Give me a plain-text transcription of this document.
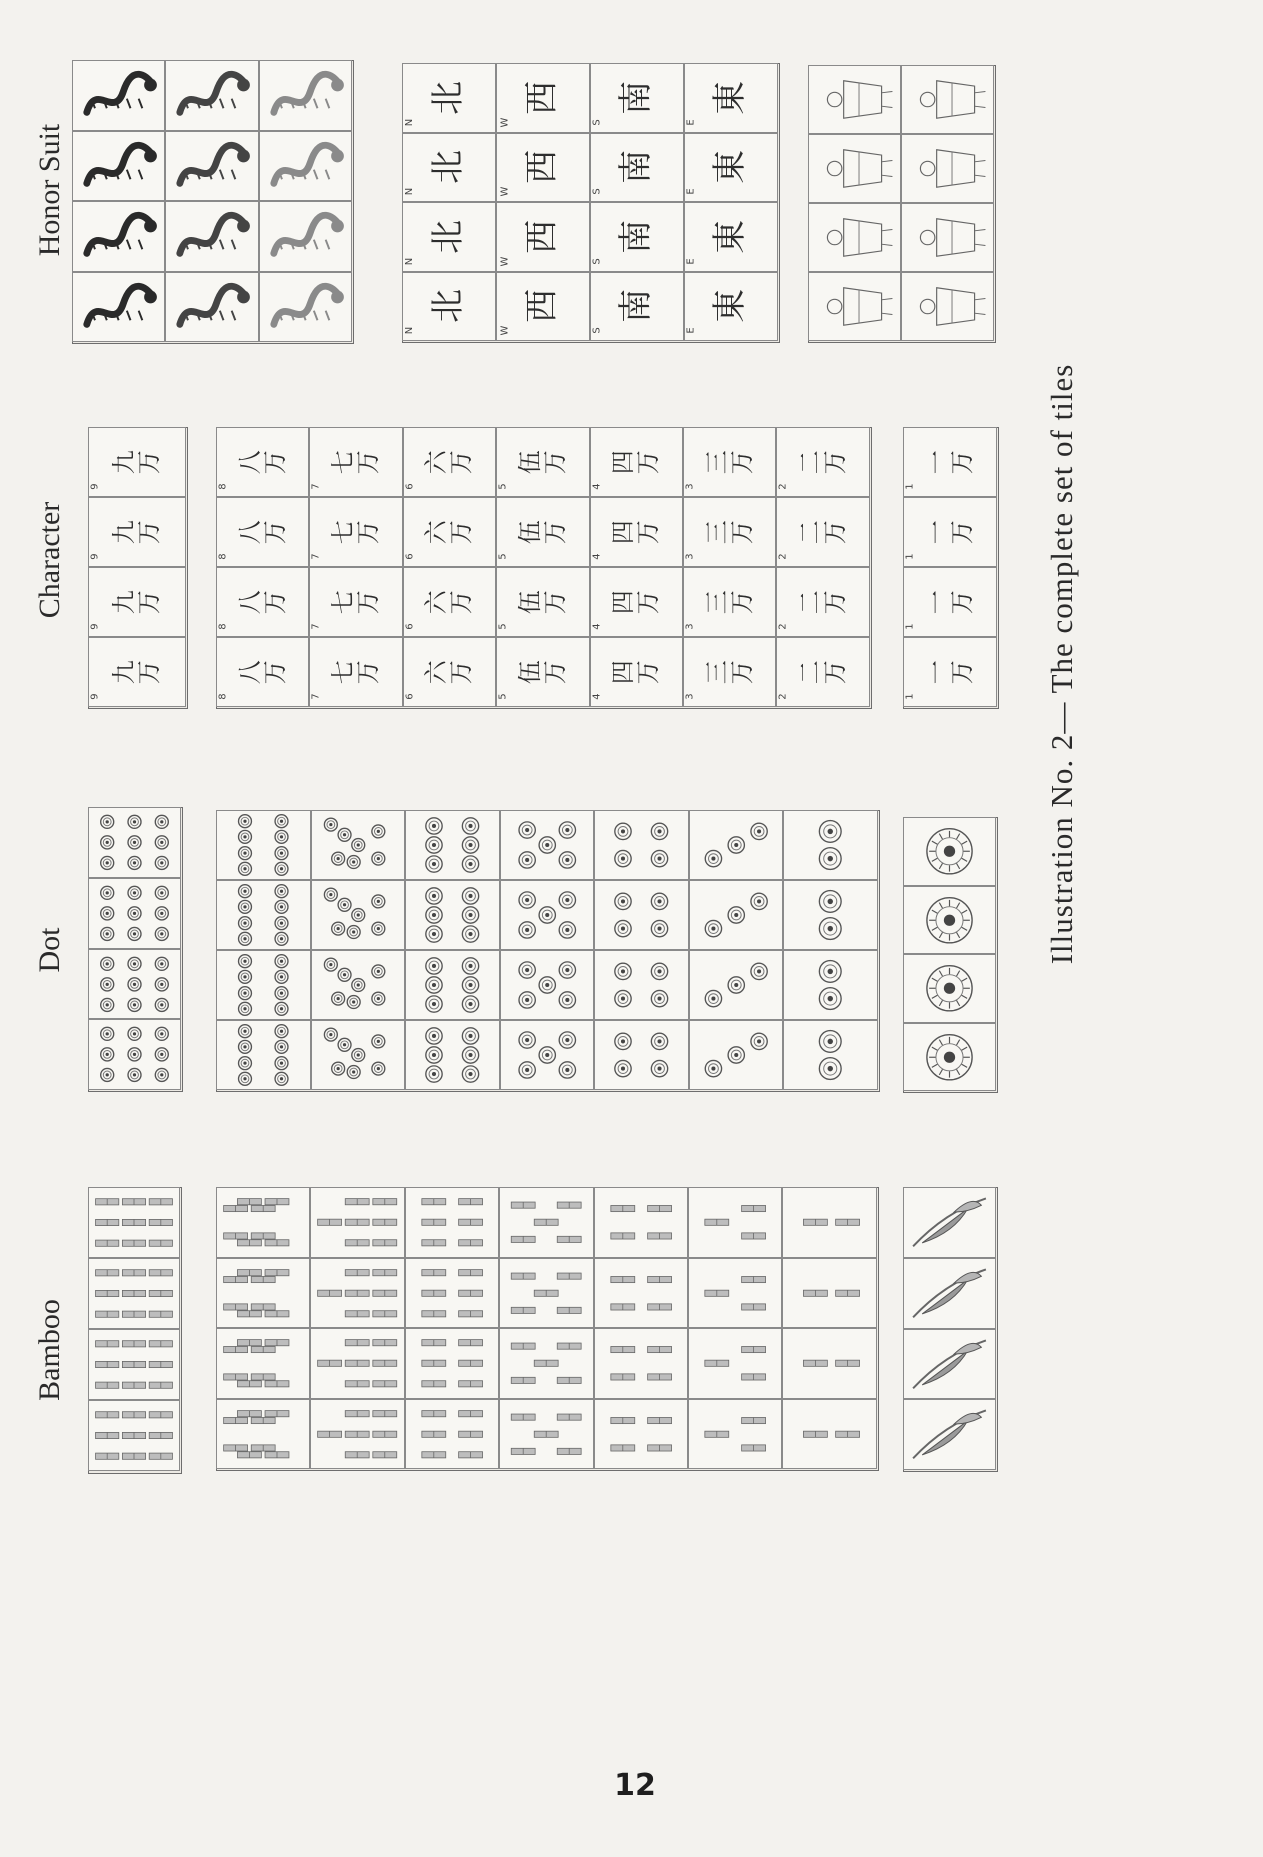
Bamboo
Dot
Character
Honor Suit
Illustration No. 2— The complete set of tiles
12
九
万
9
九
万
9
九
万
9
九
万
9
八
万
8
七
万
7
六
万
6
伍
万
5
四
万
4
三
万
3
二
万
2
八
万
8
七
万
7
六
万
6
伍
万
5
四
万
4
三
万
3
二
万
2
八
万
8
七
万
7
六
万
6
伍
万
5
四
万
4
三
万
3
二
万
2
八
万
8
七
万
7
六
万
6
伍
万
5
四
万
4
三
万
3
二
万
2
一
万
1
一
万
1
一
万
1
一
万
1
北
N
西
W
南
S
東
E
北
N
西
W
南
S
東
E
北
N
西
W
南
S
東
E
北
N
西
W
南
S
東
E
